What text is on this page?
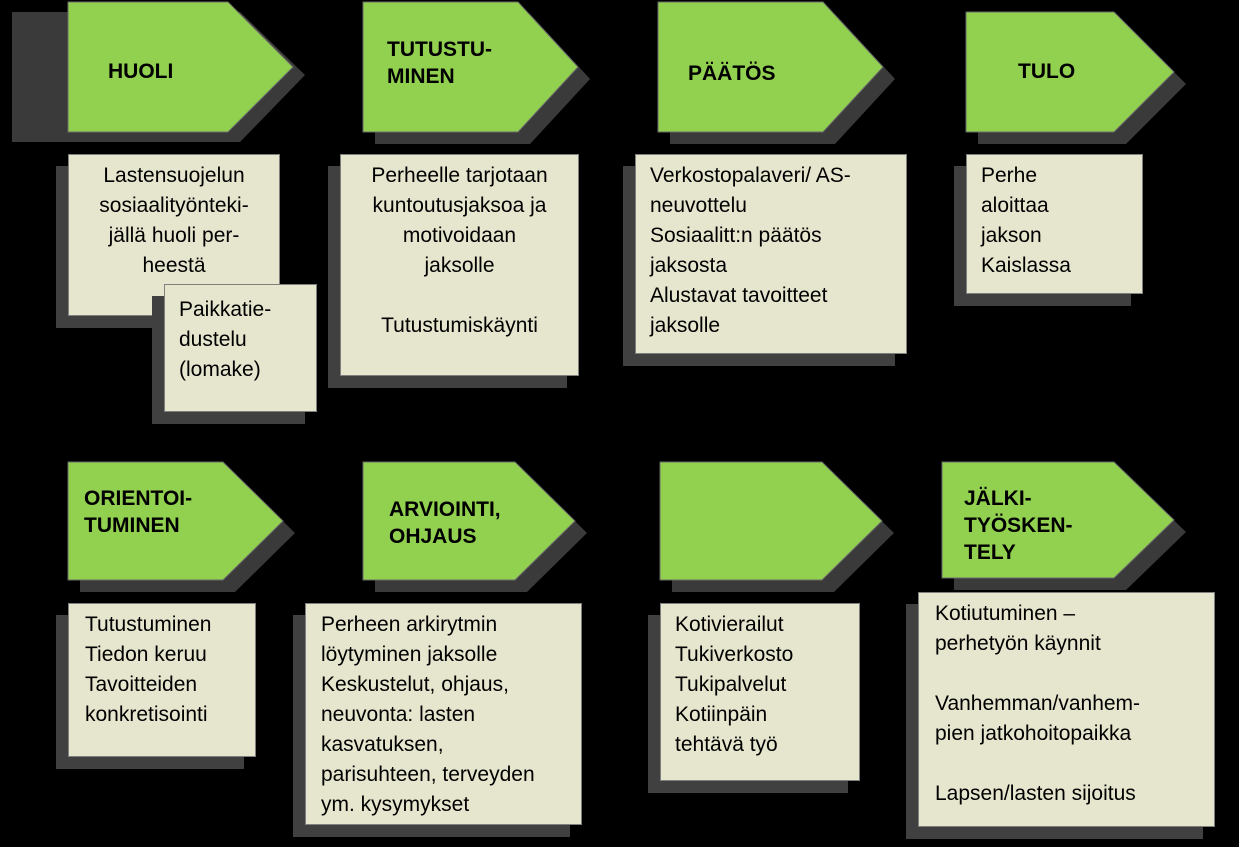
HUOLI
TUTUSTU-
MINEN	PÄÄTÖS	TULO
Lastensuojelun
sosiaalityönteki-
jällä huoli per-
heestä
Paikkatie-
dustelu
(lomake)
Perheelle tarjotaan
kuntoutusjaksoa ja
motivoidaan
jaksolle

Tutustumiskäynti
Verkostopalaveri/ AS-
neuvottelu
Sosiaalitt:n päätös
jaksosta
Alustavat tavoitteet
jaksolle
Perhe
aloittaa
jakson
Kaislassa
ORIENTOI-
TUMINEN
ARVIOINTI,
OHJAUS
JÄLKI-
TYÖSKEN-
TELY
Tutustuminen
Tiedon keruu
Tavoitteiden
konkretisointi
Perheen arkirytmin
löytyminen jaksolle
Keskustelut, ohjaus,
neuvonta: lasten
kasvatuksen,
parisuhteen, terveyden
ym. kysymykset
Kotivierailut
Tukiverkosto
Tukipalvelut
Kotiinpäin
tehtävä työ
Kotiutuminen –
perhetyön käynnit

Vanhemman/vanhem-
pien jatkohoitopaikka

Lapsen/lasten sijoitus
